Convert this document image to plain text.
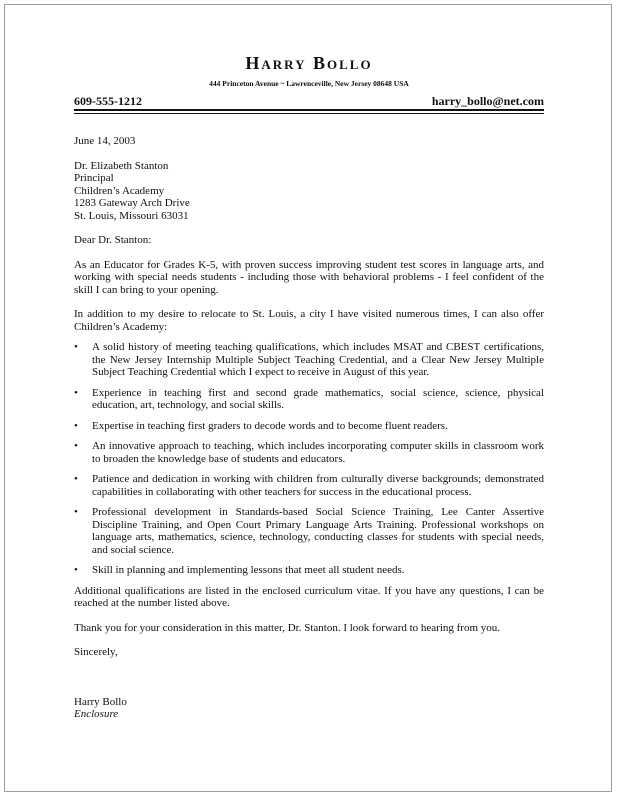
Harry Bollo
444 Princeton Avenue ~ Lawrenceville, New Jersey 08648 USA
609-555-1212	harry_bollo@net.com

June 14, 2003

Dr. Elizabeth Stanton

Principal

Children’s Academy

1283 Gateway Arch Drive

St. Louis, Missouri 63031

Dear Dr. Stanton:

As an Educator for Grades K-5, with proven success improving student test scores in language arts, and working with special needs students - including those with behavioral problems - I feel confident of the skill I can bring to your opening.

In addition to my desire to relocate to St. Louis, a city I have visited numerous times, I can also offer Children’s Academy:

• A solid history of meeting teaching qualifications, which includes MSAT and CBEST certifications, the New Jersey Internship Multiple Subject Teaching Credential, and a Clear New Jersey Multiple Subject Teaching Credential which I expect to receive in August of this year.
• Experience in teaching first and second grade mathematics, social science, science, physical education, art, technology, and social skills.
• Expertise in teaching first graders to decode words and to become fluent readers.
• An innovative approach to teaching, which includes incorporating computer skills in classroom work to broaden the knowledge base of students and educators.
• Patience and dedication in working with children from culturally diverse backgrounds; demonstrated capabilities in collaborating with other teachers for success in the educational process.
• Professional development in Standards-based Social Science Training, Lee Canter Assertive Discipline Training, and Open Court Primary Language Arts Training. Professional workshops on language arts, mathematics, science, technology, conducting classes for students with special needs, and social science.
• Skill in planning and implementing lessons that meet all student needs.

Additional qualifications are listed in the enclosed curriculum vitae. If you have any questions, I can be reached at the number listed above.

Thank you for your consideration in this matter, Dr. Stanton. I look forward to hearing from you.

Sincerely,

Harry Bollo

Enclosure
